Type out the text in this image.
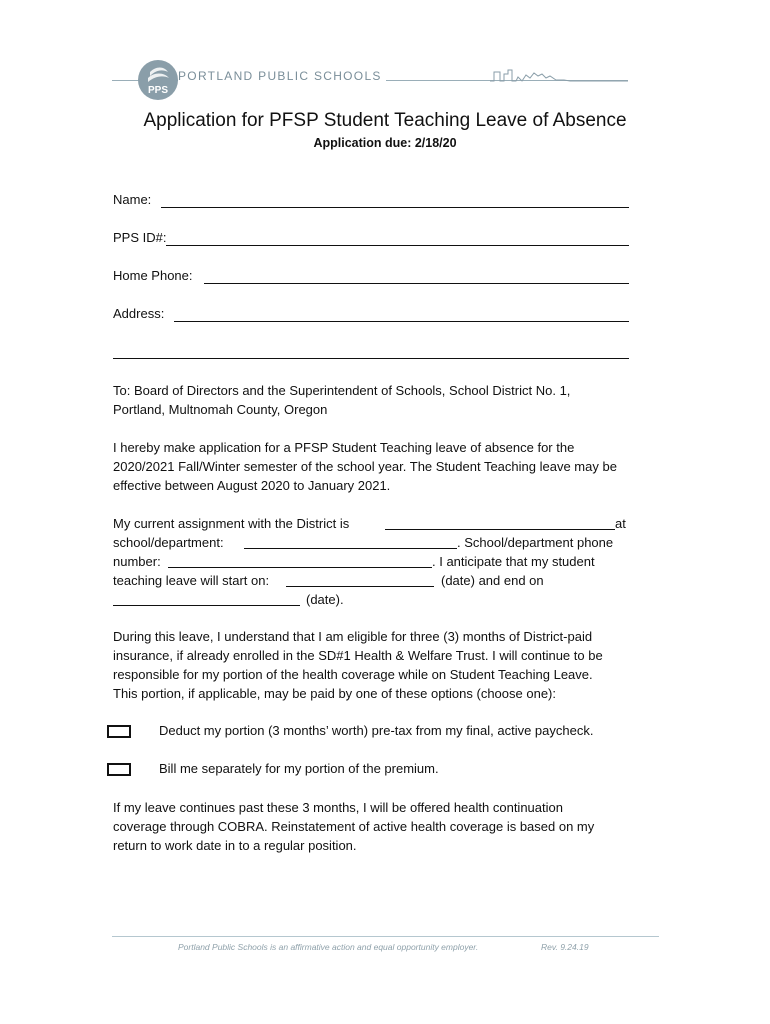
PPS
PORTLAND PUBLIC SCHOOLS
Application for PFSP Student Teaching Leave of Absence
Application due: 2/18/20
Name:
PPS ID#:
Home Phone:
Address:

To: Board of Directors and the Superintendent of Schools, School District No. 1,

Portland, Multnomah County, Oregon

I hereby make application for a PFSP Student Teaching leave of absence for the

2020/2021 Fall/Winter semester of the school year. The Student Teaching leave may be

effective between August 2020 to January 2021.

My current assignment with the District is	at
school/department:	. School/department phone
number:	. I anticipate that my student
teaching leave will start on:	(date) and end on
(date).

During this leave, I understand that I am eligible for three (3) months of District-paid

insurance, if already enrolled in the SD#1 Health & Welfare Trust. I will continue to be

responsible for my portion of the health coverage while on Student Teaching Leave.

This portion, if applicable, may be paid by one of these options (choose one):

Deduct my portion (3 months’ worth) pre-tax from my final, active paycheck.
Bill me separately for my portion of the premium.

If my leave continues past these 3 months, I will be offered health continuation

coverage through COBRA. Reinstatement of active health coverage is based on my

return to work date in to a regular position.

Portland Public Schools is an affirmative action and equal opportunity employer.	Rev. 9.24.19
